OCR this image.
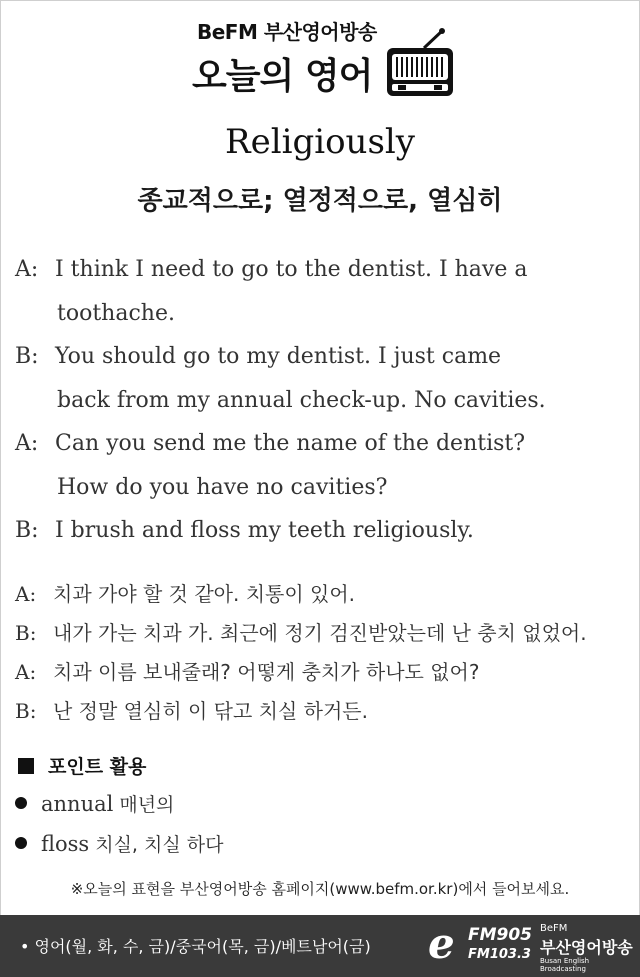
BeFM 부산영어방송
오늘의 영어
Religiously
종교적으로; 열정적으로, 열심히
A: I think I need to go to the dentist. I have a
toothache.
B: You should go to my dentist. I just came
back from my annual check-up. No cavities.
A: Can you send me the name of the dentist?
How do you have no cavities?
B: I brush and floss my teeth religiously.
A: 치과 가야 할 것 같아. 치통이 있어.
B: 내가 가는 치과 가. 최근에 정기 검진받았는데 난 충치 없었어.
A: 치과 이름 보내줄래? 어떻게 충치가 하나도 없어?
B: 난 정말 열심히 이 닦고 치실 하거든.
포인트 활용
annual 매년의
floss 치실, 치실 하다
※오늘의 표현을 부산영어방송 홈페이지(www.befm.or.kr)에서 들어보세요.
• 영어(월, 화, 수, 금)/중국어(목, 금)/베트남어(금) e FM905
FM103.3
BeFM
부산영어방송
Busan English Broadcasting
